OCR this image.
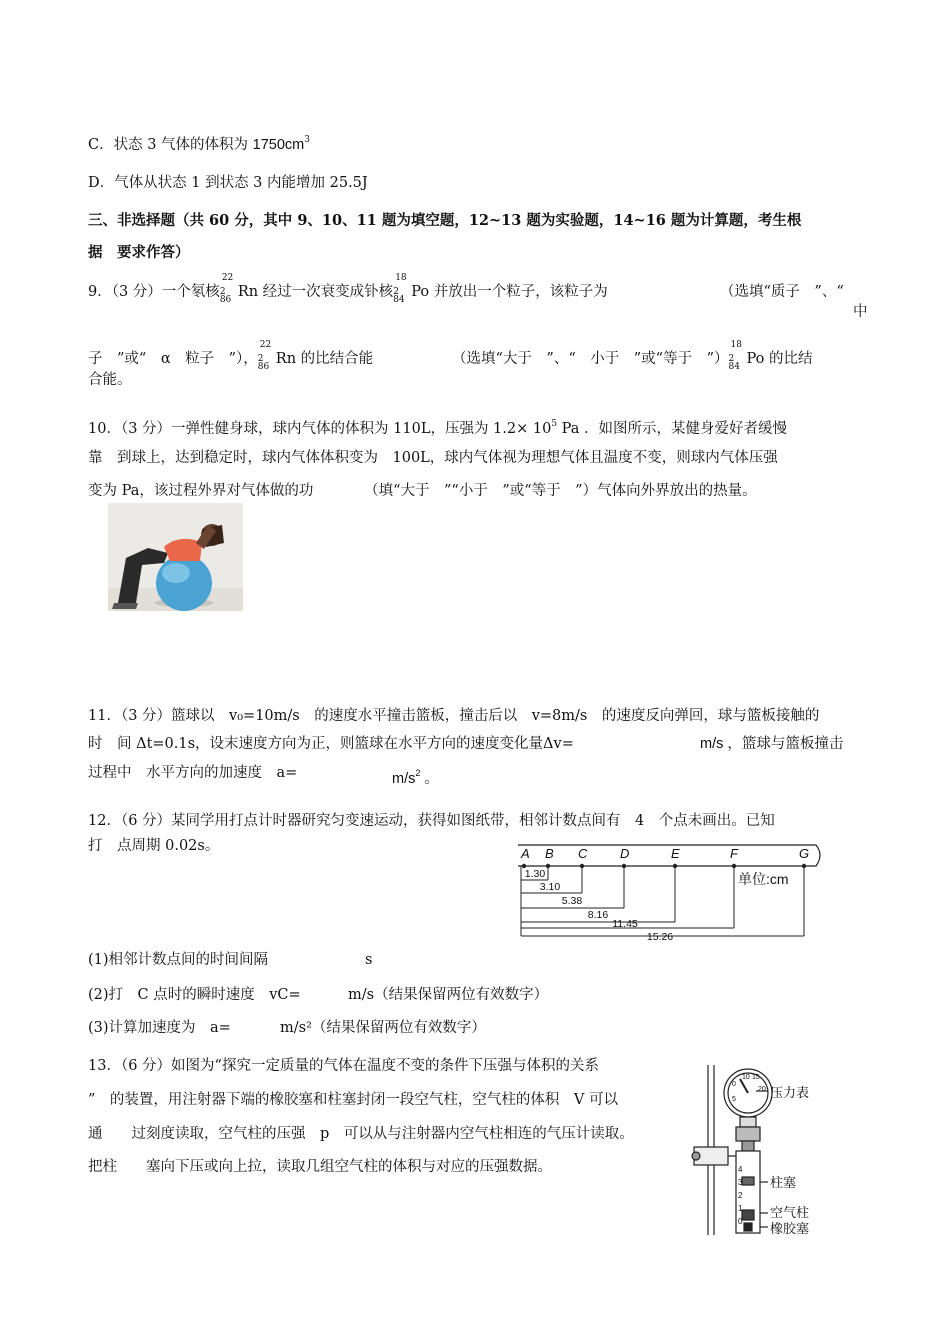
C．状态 3 气体的体积为 $1750cm^3$
D．气体从状态 1 到状态 3 内能增加 25.5J
三、非选择题（共 60 分，其中 9、10、11 题为填空题，12~13 题为实验题，14~16 题为计算题，考生根
据　要求作答）
9．（3 分）一个氡核
22
2
86 Rn 经过一次衰变成钋核
18
2
84 Po 并放出一个粒子，该粒子为	（选填“质子　”、“
中
子　”或“　α　粒子　”），
22
2
86 Rn 的比结合能	（选填“大于　”、“　小于　”或“等于　”）
18
2
84 Po 的比结
合能。
10．（3 分）一弹性健身球，球内气体的体积为 110L，压强为 $1.2\times 10^5$ Pa ．如图所示，某健身爱好者缓慢
靠　到球上，达到稳定时，球内气体体积变为　100L，球内气体视为理想气体且温度不变，则球内气体压强
变为 Pa，该过程外界对气体做的功　　　　（填“大于　”“小于　”或“等于　”）气体向外界放出的热量。
11．（3 分）篮球以　v₀=10m/s　的速度水平撞击篮板，撞击后以　v=8m/s　的速度反向弹回，球与篮板接触的
时　间 Δt=0.1s，设末速度方向为正，则篮球在水平方向的速度变化量Δv=	m/s ，篮球与篮板撞击
过程中　水平方向的加速度　a=	$m/s^2$ 。
12．（6 分）某同学用打点计时器研究匀变速运动，获得如图纸带，相邻计数点间有　4　个点未画出。已知
打　点周期 0.02s。	A B C	D	E	F	G
单位:cm
1.30
3.10
5.38
8.16
11.45
15.26
(1)相邻计数点间的时间间隔	s
(2)打　C 点时的瞬时速度　vC=	m/s（结果保留两位有效数字）
(3)计算加速度为　a=	m/s²（结果保留两位有效数字）
13．（6 分）如图为“探究一定质量的气体在温度不变的条件下压强与体积的关系
”　的装置，用注射器下端的橡胶塞和柱塞封闭一段空气柱，空气柱的体积　V 可以
通　　过刻度读取，空气柱的压强　p　可以从与注射器内空气柱相连的气压计读取。
把柱　　塞向下压或向上拉，读取几组空气柱的体积与对应的压强数据。
0
5
10 15
20
4
3
2
1
0
压力表
柱塞
空气柱
橡胶塞
